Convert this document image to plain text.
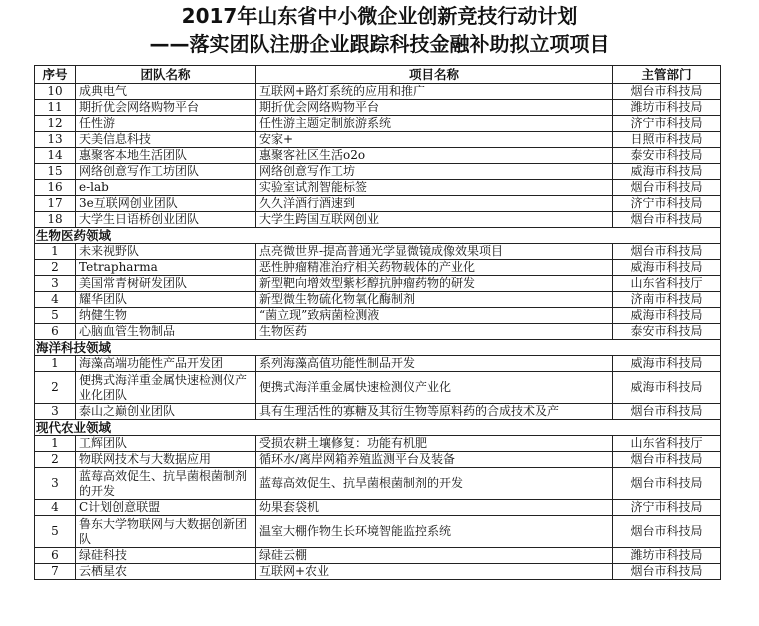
2017年山东省中小微企业创新竞技行动计划
——落实团队注册企业跟踪科技金融补助拟立项项目
序号	团队名称	项目名称	主管部门
10	成典电气	互联网+路灯系统的应用和推广	烟台市科技局
11	期折优会网络购物平台	期折优会网络购物平台	潍坊市科技局
12	任性游	任性游主题定制旅游系统	济宁市科技局
13	天美信息科技	安家+	日照市科技局
14	惠聚客本地生活团队	惠聚客社区生活o2o	泰安市科技局
15	网络创意写作工坊团队	网络创意写作工坊	威海市科技局
16	e-lab	实验室试剂智能标签	烟台市科技局
17	3e互联网创业团队	久久洋酒行酒速到	济宁市科技局
18	大学生日语桥创业团队	大学生跨国互联网创业	烟台市科技局
生物医药领域			
1	未来视野队	点亮微世界-提高普通光学显微镜成像效果项目	烟台市科技局
2	Tetrapharma	恶性肿瘤精准治疗相关药物载体的产业化	威海市科技局
3	美国常青树研发团队	新型靶向增效型紫杉醇抗肿瘤药物的研发	山东省科技厅
4	耀华团队	新型微生物硫化物氧化酶制剂	济南市科技局
5	纳健生物	“菌立现”致病菌检测液	威海市科技局
6	心脑血管生物制品	生物医药	泰安市科技局
海洋科技领域			
1	海藻高端功能性产品开发团	系列海藻高值功能性制品开发	威海市科技局
2	便携式海洋重金属快速检测仪产业化团队	便携式海洋重金属快速检测仪产业化	威海市科技局
3	泰山之巅创业团队	具有生理活性的寡糖及其衍生物等原料药的合成技术及产	烟台市科技局
现代农业领域			
1	工辉团队	受损农耕土壤修复：功能有机肥	山东省科技厅
2	物联网技术与大数据应用	循环水/离岸网箱养殖监测平台及装备	烟台市科技局
3	蓝莓高效促生、抗旱菌根菌制剂的开发	蓝莓高效促生、抗旱菌根菌制剂的开发	烟台市科技局
4	C计划创意联盟	幼果套袋机	济宁市科技局
5	鲁东大学物联网与大数据创新团队	温室大棚作物生长环境智能监控系统	烟台市科技局
6	绿硅科技	绿硅云棚	潍坊市科技局
7	云栖星农	互联网+农业	烟台市科技局
